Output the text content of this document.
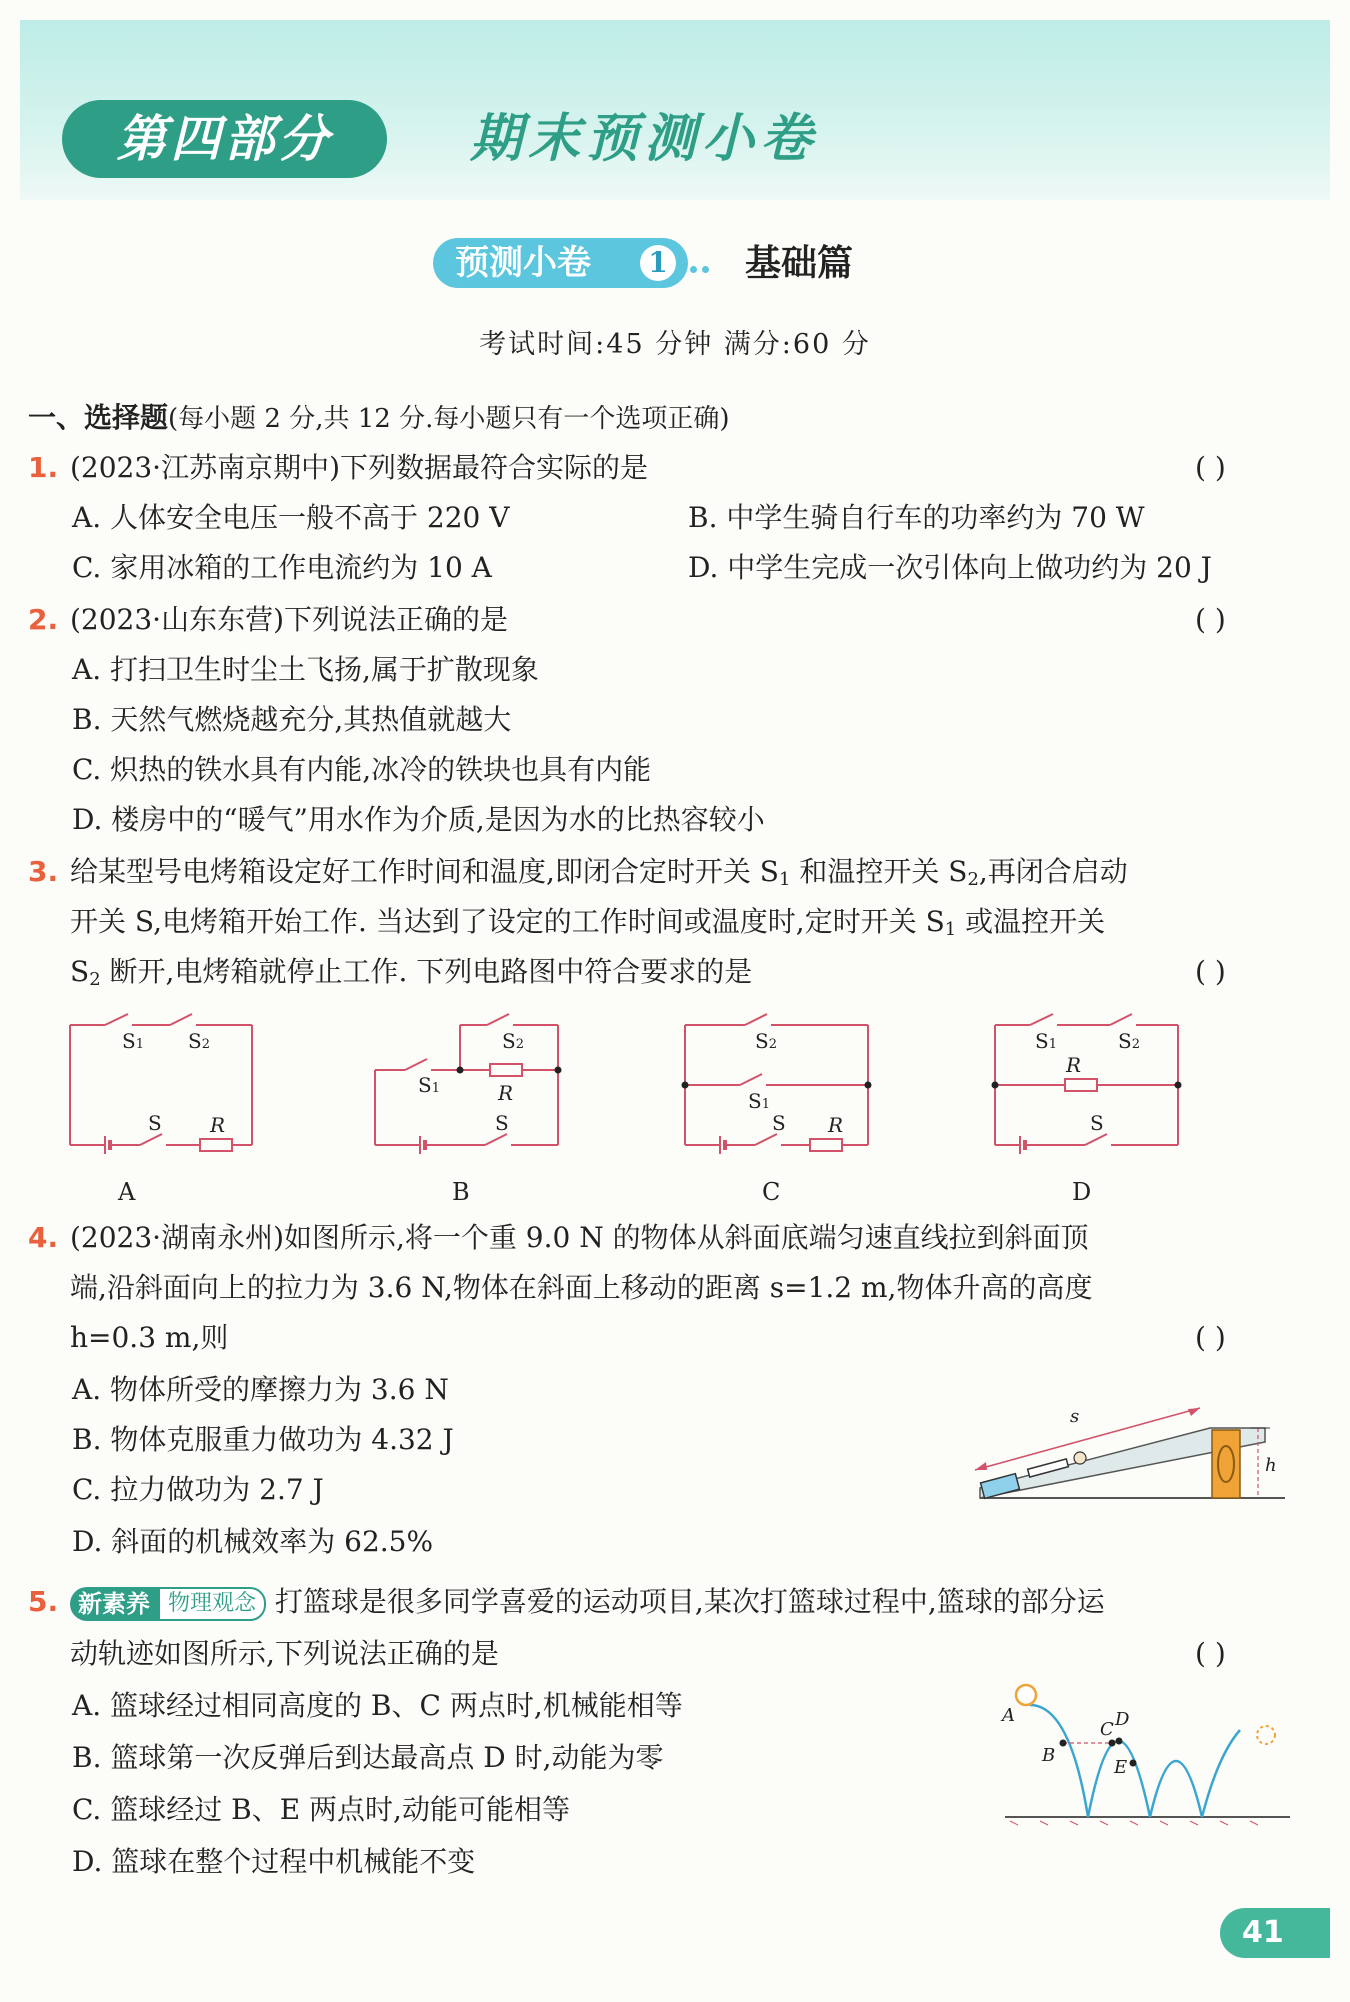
第四部分	期末预测小卷
预测小卷	1 基础篇
考试时间:45 分钟 满分:60 分
一、选择题(每小题 2 分,共 12 分.每小题只有一个选项正确)
1. (2023·江苏南京期中)下列数据最符合实际的是	( )
A. 人体安全电压一般不高于 220 V	B. 中学生骑自行车的功率约为 70 W
C. 家用冰箱的工作电流约为 10 A	D. 中学生完成一次引体向上做功约为 20 J
2. (2023·山东东营)下列说法正确的是	( )
A. 打扫卫生时尘土飞扬,属于扩散现象
B. 天然气燃烧越充分,其热值就越大
C. 炽热的铁水具有内能,冰冷的铁块也具有内能
D. 楼房中的“暖气”用水作为介质,是因为水的比热容较小
3. 给某型号电烤箱设定好工作时间和温度,即闭合定时开关 $S_1$ 和温控开关 $S_2$,再闭合启动
开关 S,电烤箱开始工作. 当达到了设定的工作时间或温度时,定时开关 $S_1$ 或温控开关
$S_2$ 断开,电烤箱就停止工作. 下列电路图中符合要求的是	( )
S1 S2
S R
A
S2
S1	R
S
B
S2
S1
S R
C
S1	S2
R
S
D
4. (2023·湖南永州)如图所示,将一个重 9.0 N 的物体从斜面底端匀速直线拉到斜面顶
端,沿斜面向上的拉力为 3.6 N,物体在斜面上移动的距离 s=1.2 m,物体升高的高度
h=0.3 m,则	( )
A. 物体所受的摩擦力为 3.6 N
B. 物体克服重力做功为 4.32 J
C. 拉力做功为 2.7 J
D. 斜面的机械效率为 62.5%
s
h
5. 新素养 物理观念 打篮球是很多同学喜爱的运动项目,某次打篮球过程中,篮球的部分运
动轨迹如图所示,下列说法正确的是	( )
A. 篮球经过相同高度的 B、C 两点时,机械能相等
B. 篮球第一次反弹后到达最高点 D 时,动能为零
C. 篮球经过 B、E 两点时,动能可能相等
D. 篮球在整个过程中机械能不变
A
B
C D
E
41
